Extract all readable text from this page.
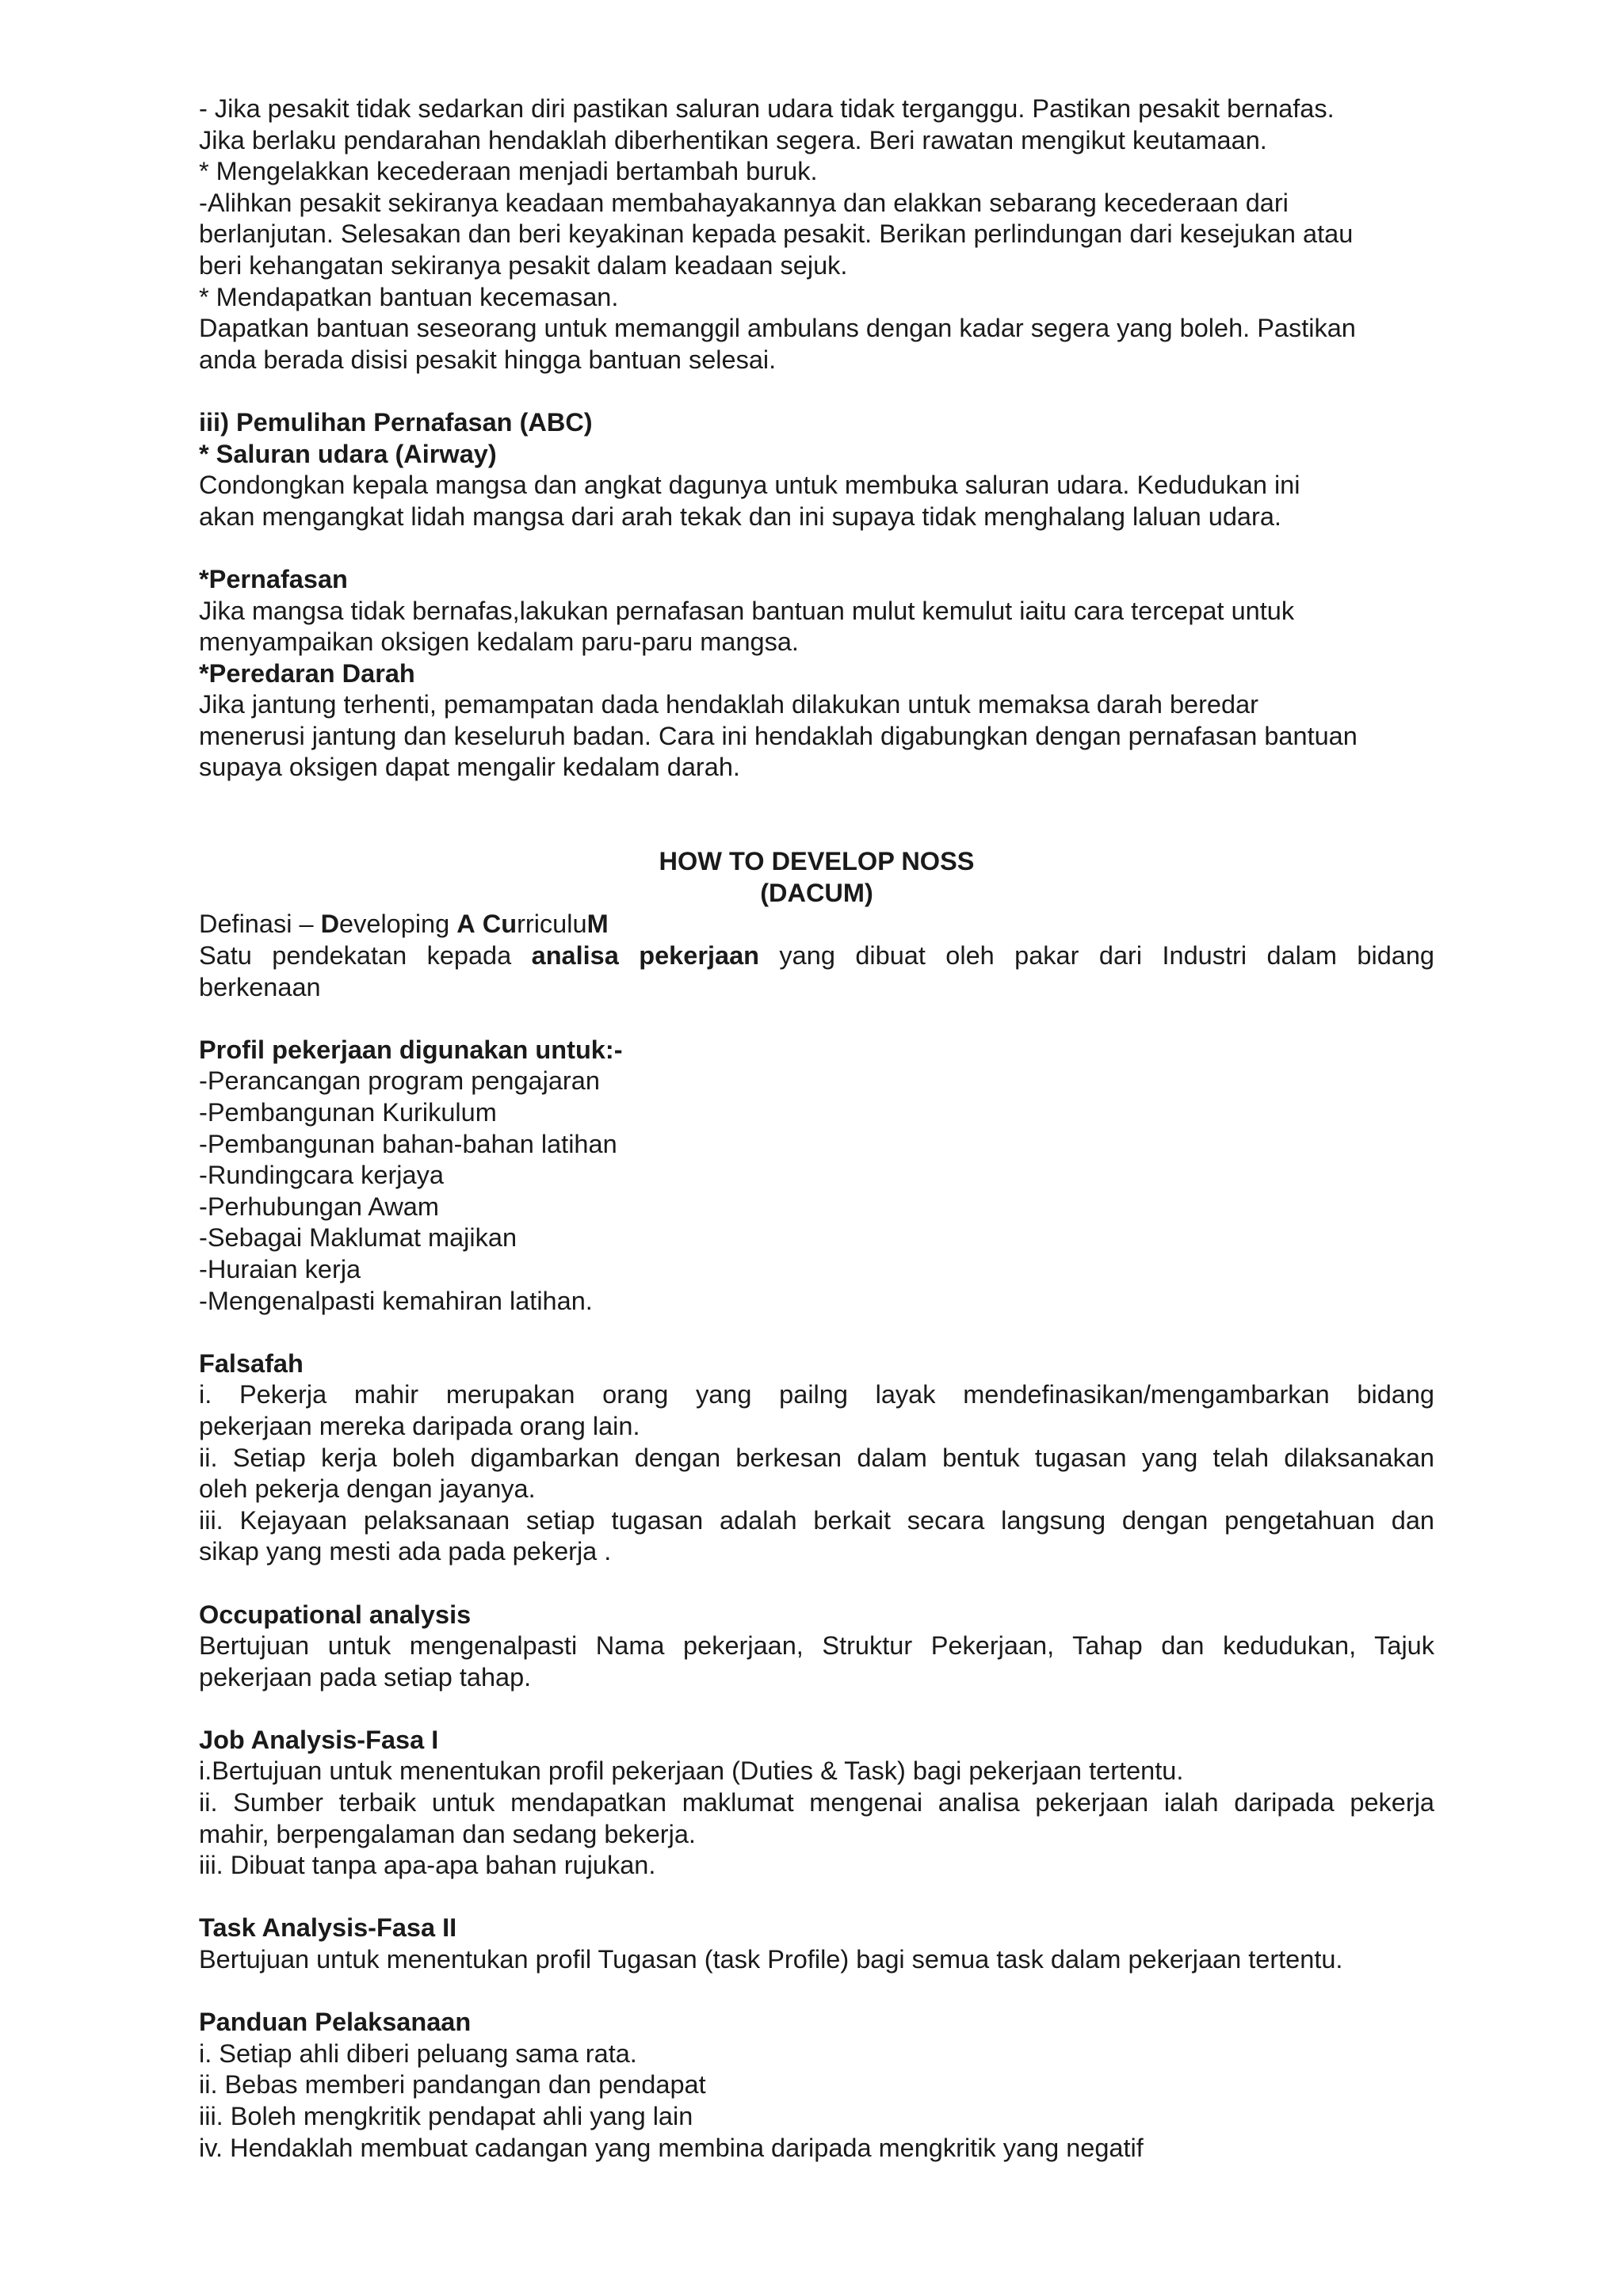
- Jika pesakit tidak sedarkan diri pastikan saluran udara tidak terganggu. Pastikan pesakit bernafas.
Jika berlaku pendarahan hendaklah diberhentikan segera. Beri rawatan mengikut keutamaan.
* Mengelakkan kecederaan menjadi bertambah buruk.
-Alihkan pesakit sekiranya keadaan membahayakannya dan elakkan sebarang kecederaan dari
berlanjutan. Selesakan dan beri keyakinan kepada pesakit. Berikan perlindungan dari kesejukan atau
beri kehangatan sekiranya pesakit dalam keadaan sejuk.
* Mendapatkan bantuan kecemasan.
Dapatkan bantuan seseorang untuk memanggil ambulans dengan kadar segera yang boleh. Pastikan
anda berada disisi pesakit hingga bantuan selesai.
iii) Pemulihan Pernafasan (ABC)
* Saluran udara (Airway)
Condongkan kepala mangsa dan angkat dagunya untuk membuka saluran udara. Kedudukan ini
akan mengangkat lidah mangsa dari arah tekak dan ini supaya tidak menghalang laluan udara.
*Pernafasan
Jika mangsa tidak bernafas,lakukan pernafasan bantuan mulut kemulut iaitu cara tercepat untuk
menyampaikan oksigen kedalam paru-paru mangsa.
*Peredaran Darah
Jika jantung terhenti, pemampatan dada hendaklah dilakukan untuk memaksa darah beredar
menerusi jantung dan keseluruh badan. Cara ini hendaklah digabungkan dengan pernafasan bantuan
supaya oksigen dapat mengalir kedalam darah.
HOW TO DEVELOP NOSS
(DACUM)
Definasi – Developing A CurriculuM
Satu pendekatan kepada analisa pekerjaan yang dibuat oleh pakar dari Industri dalam bidang
berkenaan
Profil pekerjaan digunakan untuk:-
-Perancangan program pengajaran
-Pembangunan Kurikulum
-Pembangunan bahan-bahan latihan
-Rundingcara kerjaya
-Perhubungan Awam
-Sebagai Maklumat majikan
-Huraian kerja
-Mengenalpasti kemahiran latihan.
Falsafah
i. Pekerja mahir merupakan orang yang pailng layak mendefinasikan/mengambarkan bidang
pekerjaan mereka daripada orang lain.
ii. Setiap kerja boleh digambarkan dengan berkesan dalam bentuk tugasan yang telah dilaksanakan
oleh pekerja dengan jayanya.
iii. Kejayaan pelaksanaan setiap tugasan adalah berkait secara langsung dengan pengetahuan dan
sikap yang mesti ada pada pekerja .
Occupational analysis
Bertujuan untuk mengenalpasti Nama pekerjaan, Struktur Pekerjaan, Tahap dan kedudukan, Tajuk
pekerjaan pada setiap tahap.
Job Analysis-Fasa I
i.Bertujuan untuk menentukan profil pekerjaan (Duties & Task) bagi pekerjaan tertentu.
ii. Sumber terbaik untuk mendapatkan maklumat mengenai analisa pekerjaan ialah daripada pekerja
mahir, berpengalaman dan sedang bekerja.
iii. Dibuat tanpa apa-apa bahan rujukan.
Task Analysis-Fasa II
Bertujuan untuk menentukan profil Tugasan (task Profile) bagi semua task dalam pekerjaan tertentu.
Panduan Pelaksanaan
i. Setiap ahli diberi peluang sama rata.
ii. Bebas memberi pandangan dan pendapat
iii. Boleh mengkritik pendapat ahli yang lain
iv. Hendaklah membuat cadangan yang membina daripada mengkritik yang negatif
